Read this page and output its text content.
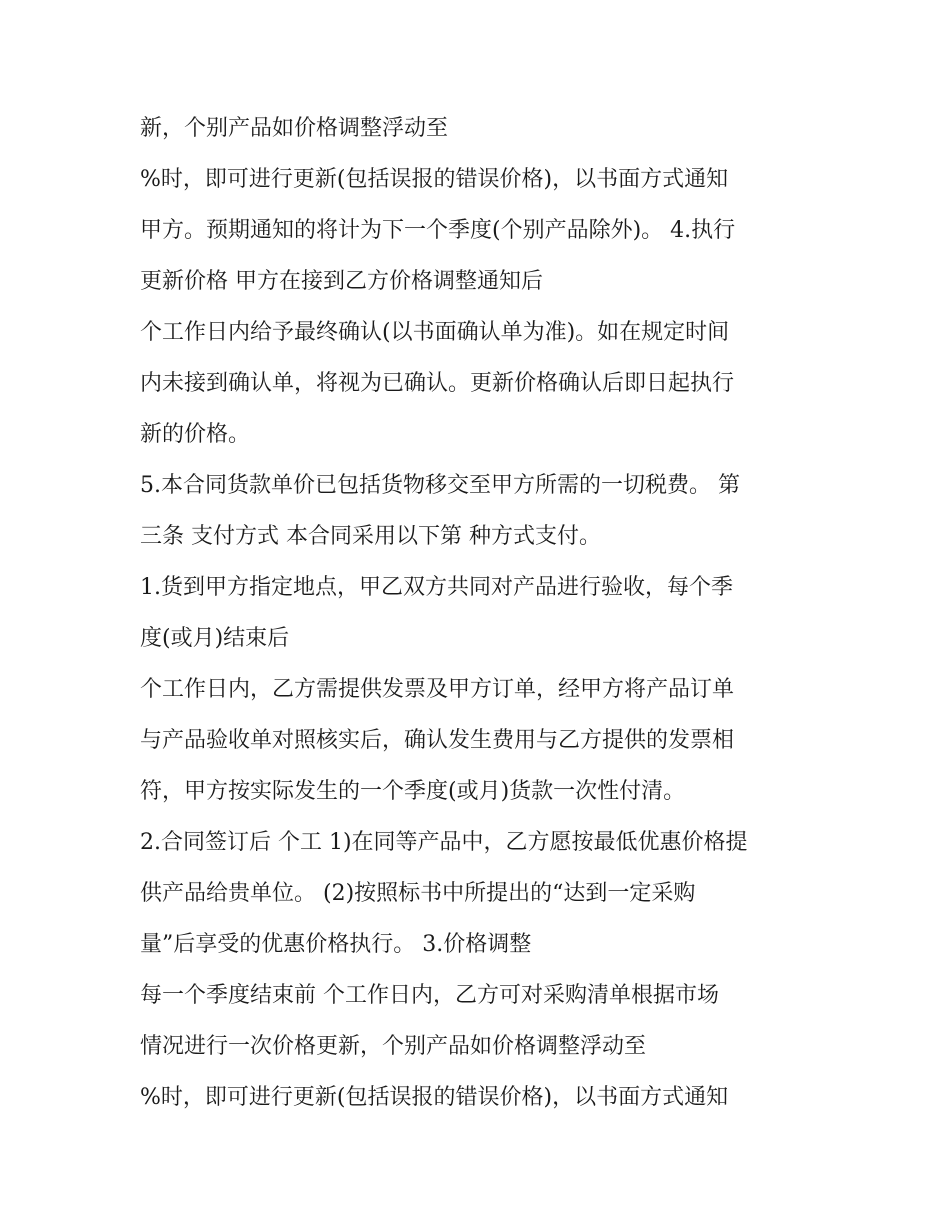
新，个别产品如价格调整浮动至
%时，即可进行更新(包括误报的错误价格)，以书面方式通知
甲方。预期通知的将计为下一个季度(个别产品除外)。 4.执行
更新价格 甲方在接到乙方价格调整通知后
个工作日内给予最终确认(以书面确认单为准)。如在规定时间
内未接到确认单，将视为已确认。更新价格确认后即日起执行
新的价格。
5.本合同货款单价已包括货物移交至甲方所需的一切税费。 第
三条 支付方式 本合同采用以下第 种方式支付。
1.货到甲方指定地点，甲乙双方共同对产品进行验收，每个季
度(或月)结束后
个工作日内，乙方需提供发票及甲方订单，经甲方将产品订单
与产品验收单对照核实后，确认发生费用与乙方提供的发票相
符，甲方按实际发生的一个季度(或月)货款一次性付清。
2.合同签订后 个工 1)在同等产品中，乙方愿按最低优惠价格提
供产品给贵单位。 (2)按照标书中所提出的“达到一定采购
量”后享受的优惠价格执行。 3.价格调整
每一个季度结束前 个工作日内，乙方可对采购清单根据市场
情况进行一次价格更新，个别产品如价格调整浮动至
%时，即可进行更新(包括误报的错误价格)，以书面方式通知
